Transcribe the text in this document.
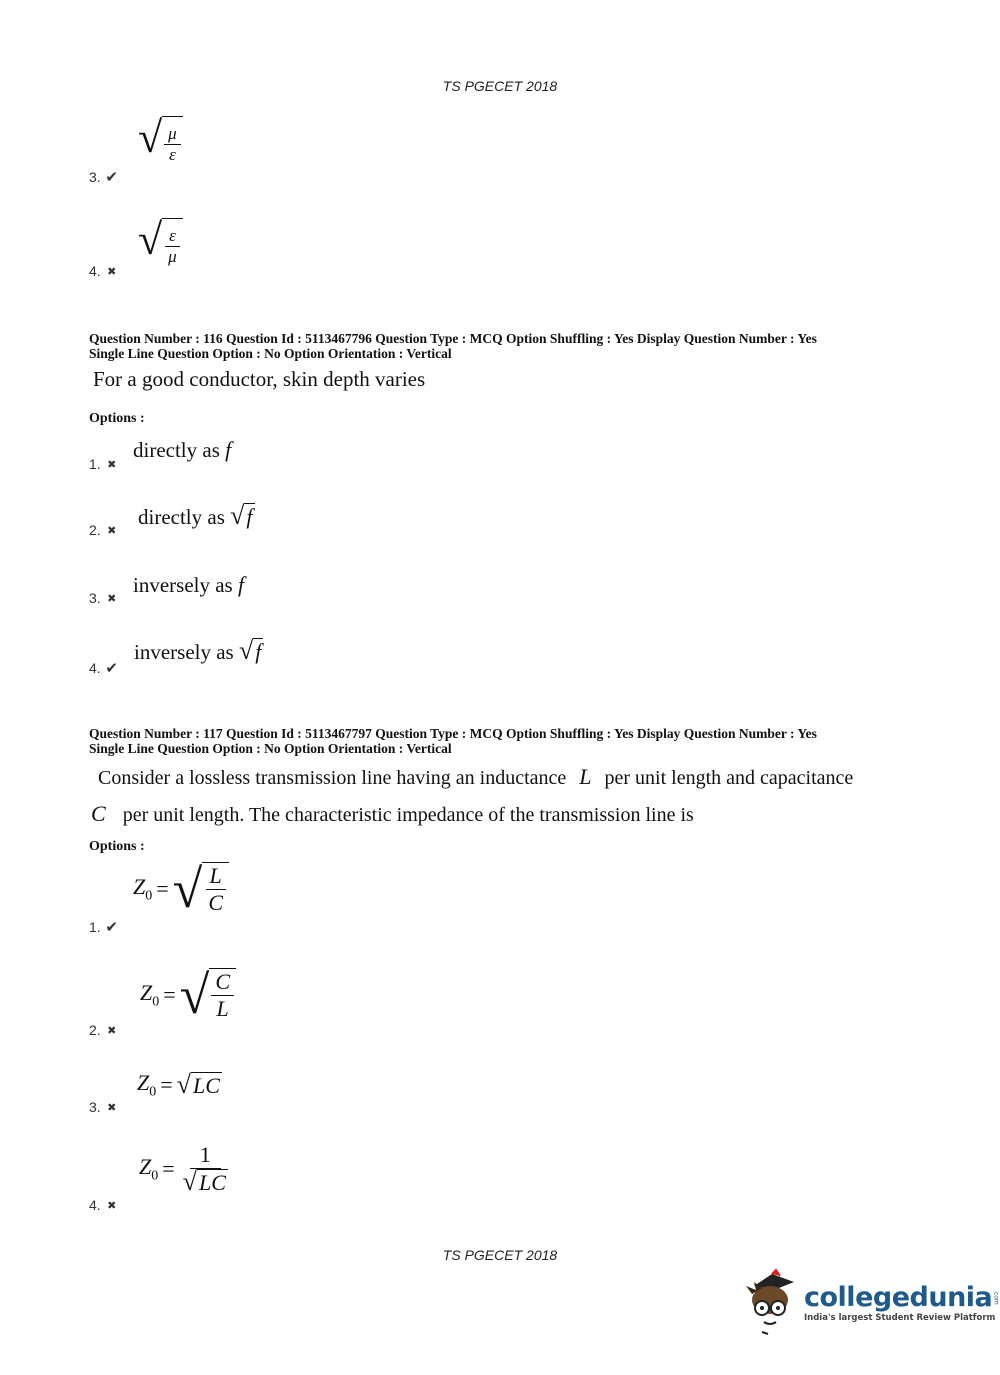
TS PGECET 2018
3. ✔
√ $\frac{\mu}{\varepsilon}$
4. ✖
√ $\frac{\varepsilon}{\mu}$
Question Number : 116 Question Id : 5113467796 Question Type : MCQ Option Shuffling : Yes Display Question Number : Yes
Single Line Question Option : No Option Orientation : Vertical
For a good conductor, skin depth varies
Options :
1. ✖
directly as f
2. ✖
directly as √ f
3. ✖
inversely as f
4. ✔
inversely as √ f
Question Number : 117 Question Id : 5113467797 Question Type : MCQ Option Shuffling : Yes Display Question Number : Yes
Single Line Question Option : No Option Orientation : Vertical
Consider a lossless transmission line having an inductance L per unit length and capacitance
C per unit length. The characteristic impedance of the transmission line is
Options :
1. ✔
$Z_0$ = √ $\frac{L}{C}$
2. ✖
$Z_0$ = √ $\frac{C}{L}$
3. ✖
$Z_0$ = √ LC
4. ✖
$Z_0 = \frac{1}{√ LC}$
TS PGECET 2018
collegedunia .com
India's largest Student Review Platform
